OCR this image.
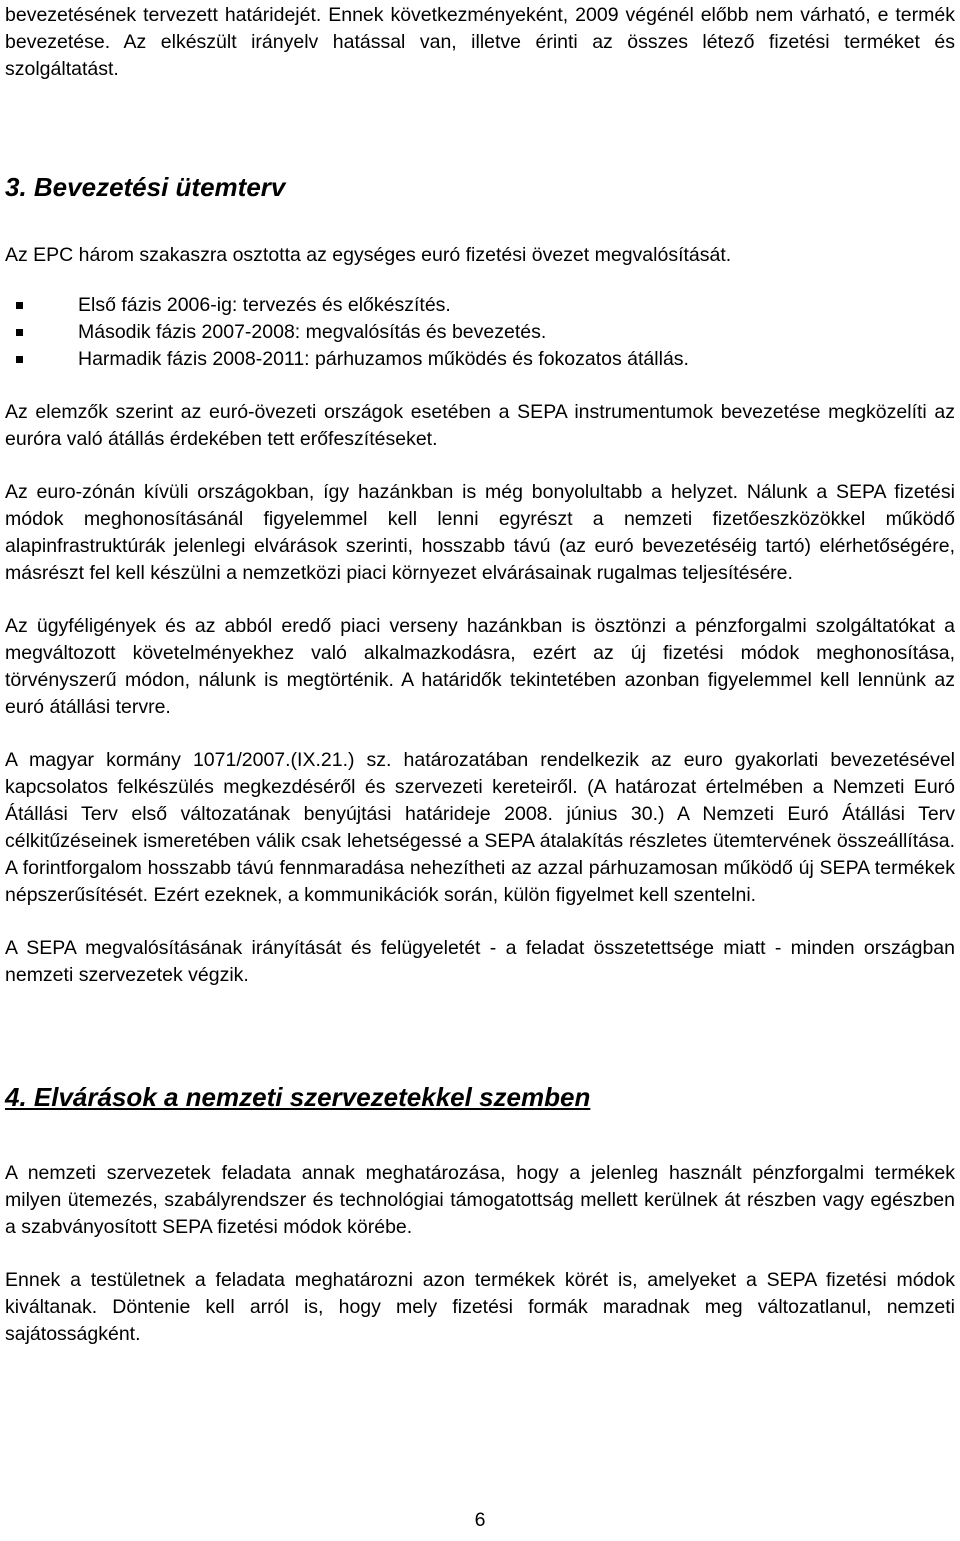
bevezetésének tervezett határidejét. Ennek következményeként, 2009 végénél előbb nem várható, e termék bevezetése. Az elkészült irányelv hatással van, illetve érinti az összes létező fizetési terméket és szolgáltatást.

3. Bevezetési ütemterv

Az EPC három szakaszra osztotta az egységes euró fizetési övezet megvalósítását.

Első fázis 2006-ig: tervezés és előkészítés.
Második fázis 2007-2008: megvalósítás és bevezetés.
Harmadik fázis 2008-2011: párhuzamos működés és fokozatos átállás.

Az elemzők szerint az euró-övezeti országok esetében a SEPA instrumentumok bevezetése megközelíti az euróra való átállás érdekében tett erőfeszítéseket.

Az euro-zónán kívüli országokban, így hazánkban is még bonyolultabb a helyzet. Nálunk a SEPA fizetési módok meghonosításánál figyelemmel kell lenni egyrészt a nemzeti fizetőeszközökkel működő alapinfrastruktúrák jelenlegi elvárások szerinti, hosszabb távú (az euró bevezetéséig tartó) elérhetőségére, másrészt fel kell készülni a nemzetközi piaci környezet elvárásainak rugalmas teljesítésére.

Az ügyféligények és az abból eredő piaci verseny hazánkban is ösztönzi a pénzforgalmi szolgáltatókat a megváltozott követelményekhez való alkalmazkodásra, ezért az új fizetési módok meghonosítása, törvényszerű módon, nálunk is megtörténik. A határidők tekintetében azonban figyelemmel kell lennünk az euró átállási tervre.

A magyar kormány 1071/2007.(IX.21.) sz. határozatában rendelkezik az euro gyakorlati bevezetésével kapcsolatos felkészülés megkezdéséről és szervezeti kereteiről. (A határozat értelmében a Nemzeti Euró Átállási Terv első változatának benyújtási határideje 2008. június 30.) A Nemzeti Euró Átállási Terv célkitűzéseinek ismeretében válik csak lehetségessé a SEPA átalakítás részletes ütemtervének összeállítása. A forintforgalom hosszabb távú fennmaradása nehezítheti az azzal párhuzamosan működő új SEPA termékek népszerűsítését. Ezért ezeknek, a kommunikációk során, külön figyelmet kell szentelni.

A SEPA megvalósításának irányítását és felügyeletét - a feladat összetettsége miatt - minden országban nemzeti szervezetek végzik.

4. Elvárások a nemzeti szervezetekkel szemben

A nemzeti szervezetek feladata annak meghatározása, hogy a jelenleg használt pénzforgalmi termékek milyen ütemezés, szabályrendszer és technológiai támogatottság mellett kerülnek át részben vagy egészben a szabványosított SEPA fizetési módok körébe.

Ennek a testületnek a feladata meghatározni azon termékek körét is, amelyeket a SEPA fizetési módok kiváltanak. Döntenie kell arról is, hogy mely fizetési formák maradnak meg változatlanul, nemzeti sajátosságként.

6
